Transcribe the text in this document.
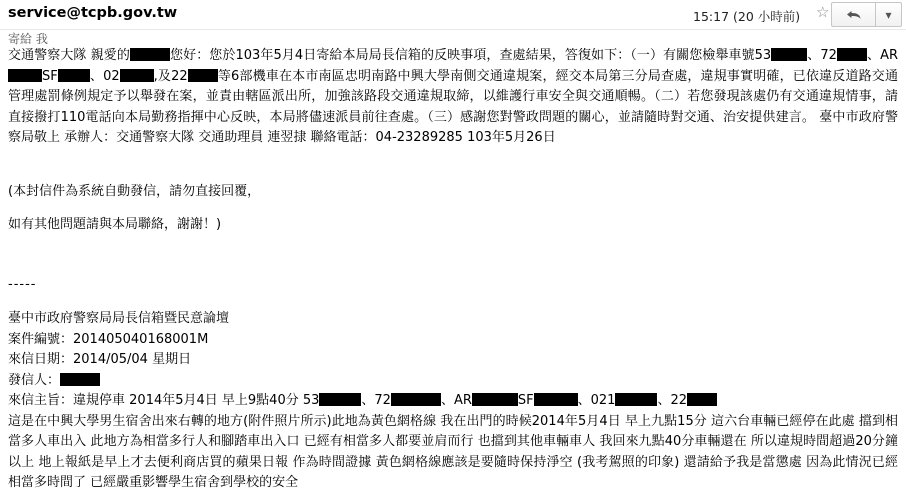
service@tcpb.gov.tw	15:17 (20 小時前) ☆	▾
寄給 我

交通警察大隊 親愛的	您好：您於103年5月4日寄給本局局長信箱的反映事項，查處結果，答復如下：（一）有關您檢舉車號53	、72 、ARSF 、02	,及22 等6部機車在本市南區忠明南路中興大學南側交通違規案，經交本局第三分局查處，違規事實明確，已依違反道路交通管理處罰條例規定予以舉發在案，並責由轄區派出所，加強該路段交通違規取締，以維護行車安全與交通順暢。（二）若您發現該處仍有交通違規情事，請直接撥打110電話向本局勤務指揮中心反映，本局將儘速派員前往查處。（三）感謝您對警政問題的關心，並請隨時對交通、治安提供建言。 臺中市政府警察局敬上 承辦人：交通警察大隊 交通助理員 連翌捸 聯絡電話：04-23289285 103年5月26日

(本封信件為系統自動發信，請勿直接回覆，

如有其他問題請與本局聯絡，謝謝！)

-----

臺中市政府警察局局長信箱暨民意論壇

案件編號：201405040168001M

來信日期：2014/05/04 星期日

發信人：

來信主旨：違規停車 2014年5月4日 早上9點40分 53	、72	、AR	SF	、021	、22

這是在中興大學男生宿舍出來右轉的地方(附件照片所示)此地為黃色網格線 我在出門的時候2014年5月4日 早上九點15分 這六台車輛已經停在此處 擋到相當多人車出入 此地方為相當多行人和腳踏車出入口 已經有相當多人都要並肩而行 也擋到其他車輛車人 我回來九點40分車輛還在 所以違規時間超過20分鐘以上 地上報紙是早上才去便利商店買的蘋果日報 作為時間證據 黃色網格線應該是要隨時保持淨空 (我考駕照的印象) 還請給予我是當懲處 因為此情況已經相當多時間了 已經嚴重影響學生宿舍到學校的安全
